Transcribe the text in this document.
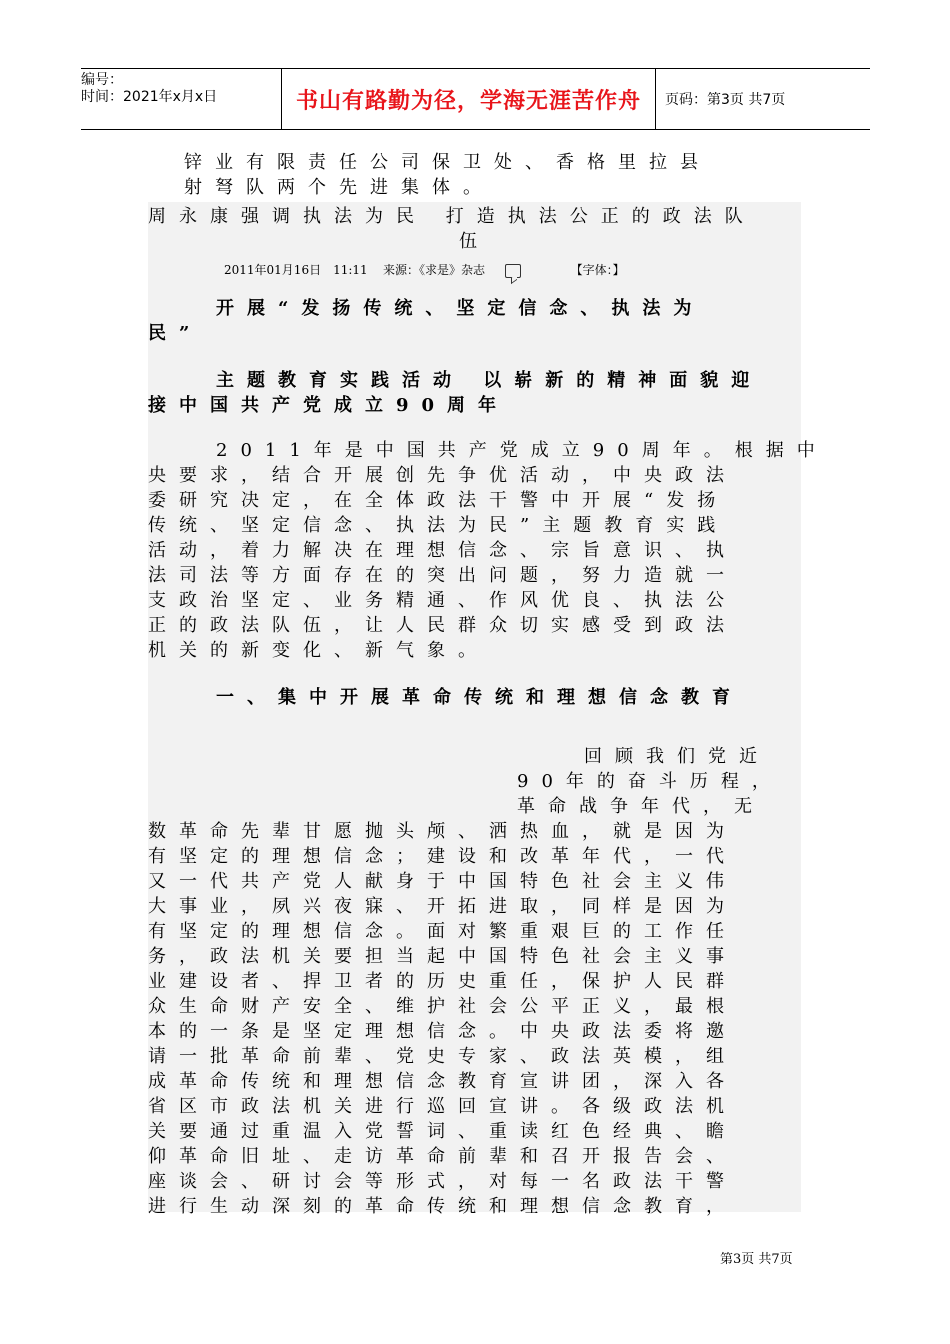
编号：
时间：2021年x月x日	书山有路勤为径，学海无涯苦作舟	页码：第3页 共7页
锌业有限责任公司保卫处、香格里拉县
射弩队两个先进集体。
周永康强调执法为民 打造执法公正的政法队
伍
2011年01月16日　11:11 来源：《求是》杂志	【字体：】
开展“发扬传统、坚定信念、执法为
民”
主题教育实践活动 以崭新的精神面貌迎
接中国共产党成立90周年
2011年是中国共产党成立90周年。根据中
央要求，结合开展创先争优活动，中央政法
委研究决定，在全体政法干警中开展“发扬
传统、坚定信念、执法为民”主题教育实践
活动，着力解决在理想信念、宗旨意识、执
法司法等方面存在的突出问题，努力造就一
支政治坚定、业务精通、作风优良、执法公
正的政法队伍，让人民群众切实感受到政法
机关的新变化、新气象。
一、集中开展革命传统和理想信念教育
回顾我们党近
90年的奋斗历程，
革命战争年代，无
数革命先辈甘愿抛头颅、洒热血，就是因为
有坚定的理想信念；建设和改革年代，一代
又一代共产党人献身于中国特色社会主义伟
大事业，夙兴夜寐、开拓进取，同样是因为
有坚定的理想信念。面对繁重艰巨的工作任
务，政法机关要担当起中国特色社会主义事
业建设者、捍卫者的历史重任，保护人民群
众生命财产安全、维护社会公平正义，最根
本的一条是坚定理想信念。中央政法委将邀
请一批革命前辈、党史专家、政法英模，组
成革命传统和理想信念教育宣讲团，深入各
省区市政法机关进行巡回宣讲。各级政法机
关要通过重温入党誓词、重读红色经典、瞻
仰革命旧址、走访革命前辈和召开报告会、
座谈会、研讨会等形式，对每一名政法干警
进行生动深刻的革命传统和理想信念教育，
第3页 共7页
